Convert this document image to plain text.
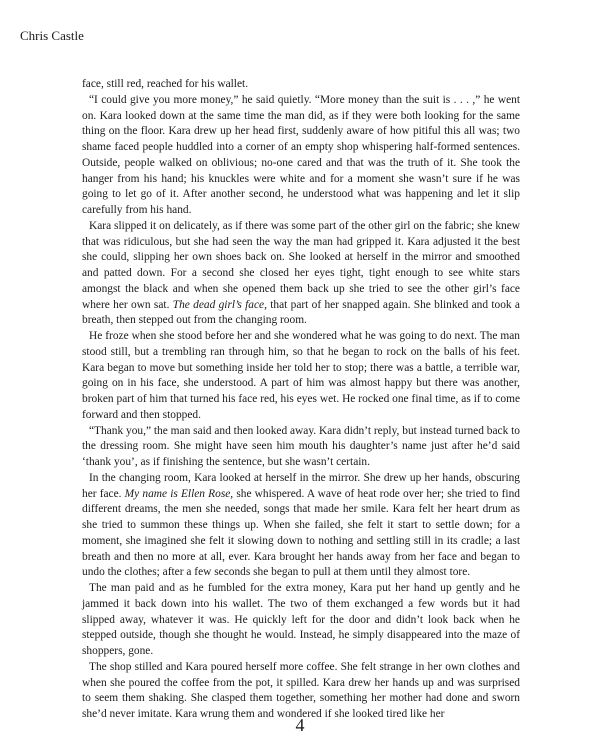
Chris Castle

face, still red, reached for his wallet.

“I could give you more money,” he said quietly. “More money than the suit is . . . ,” he went on. Kara looked down at the same time the man did, as if they were both looking for the same thing on the floor. Kara drew up her head first, suddenly aware of how pitiful this all was; two shame faced people huddled into a corner of an empty shop whispering half-formed sentences. Outside, people walked on oblivious; no-one cared and that was the truth of it. She took the hanger from his hand; his knuckles were white and for a moment she wasn’t sure if he was going to let go of it. After another second, he understood what was happening and let it slip carefully from his hand.

Kara slipped it on delicately, as if there was some part of the other girl on the fabric; she knew that was ridiculous, but she had seen the way the man had gripped it. Kara adjusted it the best she could, slipping her own shoes back on. She looked at herself in the mirror and smoothed and patted down. For a second she closed her eyes tight, tight enough to see white stars amongst the black and when she opened them back up she tried to see the other girl’s face where her own sat. The dead girl’s face, that part of her snapped again. She blinked and took a breath, then stepped out from the changing room.

He froze when she stood before her and she wondered what he was going to do next. The man stood still, but a trembling ran through him, so that he began to rock on the balls of his feet. Kara began to move but something inside her told her to stop; there was a battle, a terrible war, going on in his face, she understood. A part of him was almost happy but there was another, broken part of him that turned his face red, his eyes wet. He rocked one final time, as if to come forward and then stopped.

“Thank you,” the man said and then looked away. Kara didn’t reply, but instead turned back to the dressing room. She might have seen him mouth his daughter’s name just after he’d said ‘thank you’, as if finishing the sentence, but she wasn’t certain.

In the changing room, Kara looked at herself in the mirror. She drew up her hands, obscuring her face. My name is Ellen Rose, she whispered. A wave of heat rode over her; she tried to find different dreams, the men she needed, songs that made her smile. Kara felt her heart drum as she tried to summon these things up. When she failed, she felt it start to settle down; for a moment, she imagined she felt it slowing down to nothing and settling still in its cradle; a last breath and then no more at all, ever. Kara brought her hands away from her face and began to undo the clothes; after a few seconds she began to pull at them until they almost tore.

The man paid and as he fumbled for the extra money, Kara put her hand up gently and he jammed it back down into his wallet. The two of them exchanged a few words but it had slipped away, whatever it was. He quickly left for the door and didn’t look back when he stepped outside, though she thought he would. Instead, he simply disappeared into the maze of shoppers, gone.

The shop stilled and Kara poured herself more coffee. She felt strange in her own clothes and when she poured the coffee from the pot, it spilled. Kara drew her hands up and was surprised to seem them shaking. She clasped them together, something her mother had done and sworn she’d never imitate. Kara wrung them and wondered if she looked tired like her

4
